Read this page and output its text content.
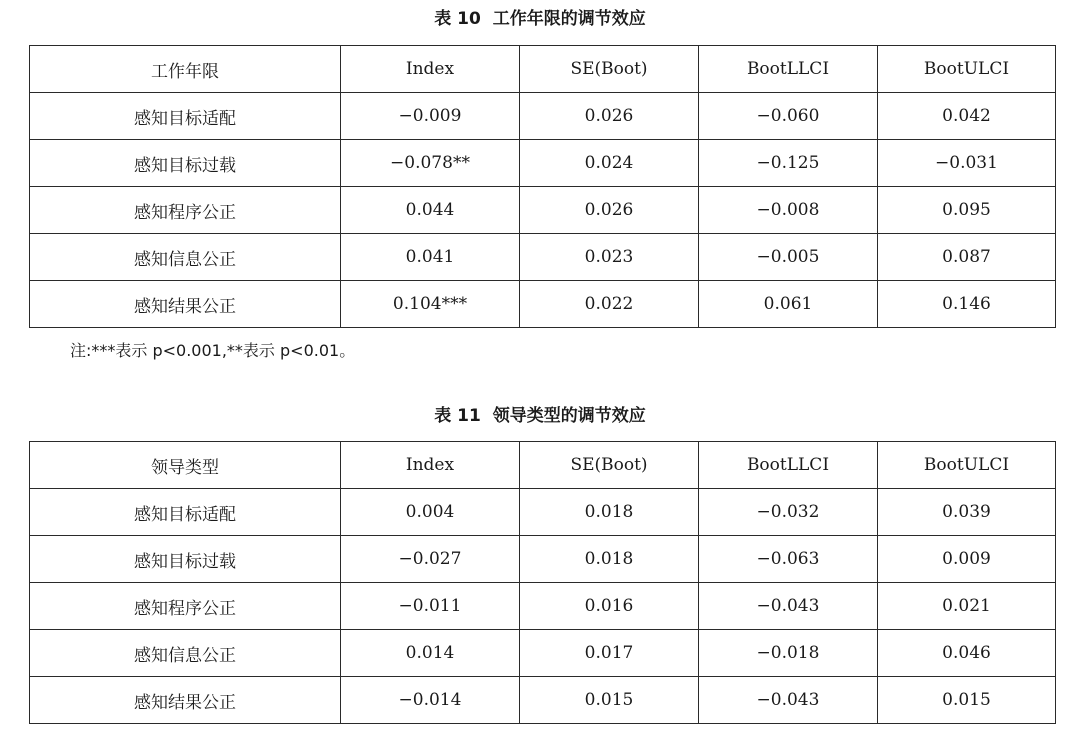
表 10 工作年限的调节效应
工作年限	Index	SE(Boot)	BootLLCI	BootULCI
感知目标适配	−0.009	0.026	−0.060	0.042
感知目标过载	−0.078**	0.024	−0.125	−0.031
感知程序公正	0.044	0.026	−0.008	0.095
感知信息公正	0.041	0.023	−0.005	0.087
感知结果公正	0.104***	0.022	0.061	0.146
注:***表示 p<0.001,**表示 p<0.01。
表 11 领导类型的调节效应
领导类型	Index	SE(Boot)	BootLLCI	BootULCI
感知目标适配	0.004	0.018	−0.032	0.039
感知目标过载	−0.027	0.018	−0.063	0.009
感知程序公正	−0.011	0.016	−0.043	0.021
感知信息公正	0.014	0.017	−0.018	0.046
感知结果公正	−0.014	0.015	−0.043	0.015
